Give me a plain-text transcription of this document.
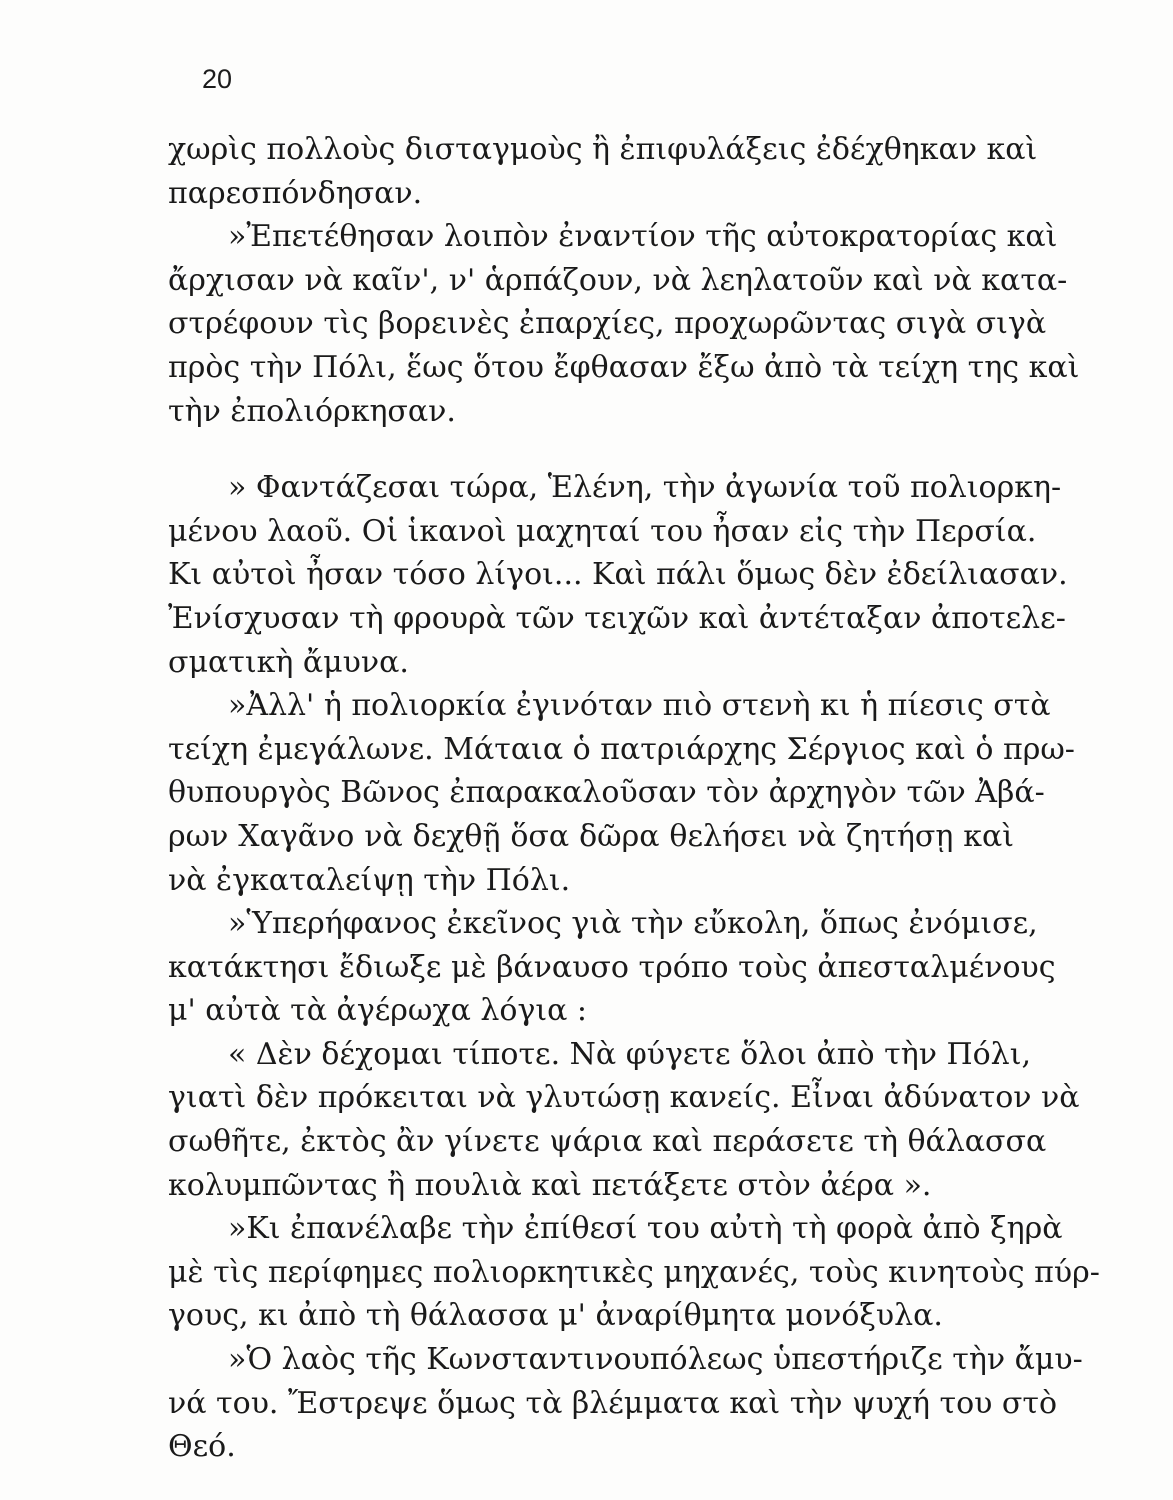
20
χωρὶς πολλοὺς δισταγμοὺς ἢ ἐπιφυλάξεις ἐδέχθηκαν καὶ
παρεσπόνδησαν.
»Ἐπετέθησαν λοιπὸν ἐναντίον τῆς αὐτοκρατορίας καὶ
ἄρχισαν νὰ καῖν', ν' ἁρπάζουν, νὰ λεηλατοῦν καὶ νὰ κατα-
στρέφουν τὶς βορεινὲς ἐπαρχίες, προχωρῶντας σιγὰ σιγὰ
πρὸς τὴν Πόλι, ἕως ὅτου ἔφθασαν ἔξω ἀπὸ τὰ τείχη της καὶ
τὴν ἐπολιόρκησαν.
» Φαντάζεσαι τώρα, Ἑλένη, τὴν ἀγωνία τοῦ πολιορκη-
μένου λαοῦ. Οἱ ἱκανοὶ μαχηταί του ἦσαν εἰς τὴν Περσία.
Κι αὐτοὶ ἦσαν τόσο λίγοι... Καὶ πάλι ὅμως δὲν ἐδείλιασαν.
Ἐνίσχυσαν τὴ φρουρὰ τῶν τειχῶν καὶ ἀντέταξαν ἀποτελε-
σματικὴ ἄμυνα.
»Ἀλλ' ἡ πολιορκία ἐγινόταν πιὸ στενὴ κι ἡ πίεσις στὰ
τείχη ἐμεγάλωνε. Μάταια ὁ πατριάρχης Σέργιος καὶ ὁ πρω-
θυπουργὸς Βῶνος ἐπαρακαλοῦσαν τὸν ἀρχηγὸν τῶν Ἀβά-
ρων Χαγᾶνο νὰ δεχθῇ ὅσα δῶρα θελήσει νὰ ζητήσῃ καὶ
νὰ ἐγκαταλείψῃ τὴν Πόλι.
»Ὑπερήφανος ἐκεῖνος γιὰ τὴν εὔκολη, ὅπως ἐνόμισε,
κατάκτησι ἔδιωξε μὲ βάναυσο τρόπο τοὺς ἀπεσταλμένους
μ' αὐτὰ τὰ ἀγέρωχα λόγια :
« Δὲν δέχομαι τίποτε. Νὰ φύγετε ὅλοι ἀπὸ τὴν Πόλι,
γιατὶ δὲν πρόκειται νὰ γλυτώσῃ κανείς. Εἶναι ἀδύνατον νὰ
σωθῆτε, ἐκτὸς ἂν γίνετε ψάρια καὶ περάσετε τὴ θάλασσα
κολυμπῶντας ἢ πουλιὰ καὶ πετάξετε στὸν ἀέρα ».
»Κι ἐπανέλαβε τὴν ἐπίθεσί του αὐτὴ τὴ φορὰ ἀπὸ ξηρὰ
μὲ τὶς περίφημες πολιορκητικὲς μηχανές, τοὺς κινητοὺς πύρ-
γους, κι ἀπὸ τὴ θάλασσα μ' ἀναρίθμητα μονόξυλα.
»Ὁ λαὸς τῆς Κωνσταντινουπόλεως ὑπεστήριζε τὴν ἄμυ-
νά του. Ἔστρεψε ὅμως τὰ βλέμματα καὶ τὴν ψυχή του στὸ
Θεό.
